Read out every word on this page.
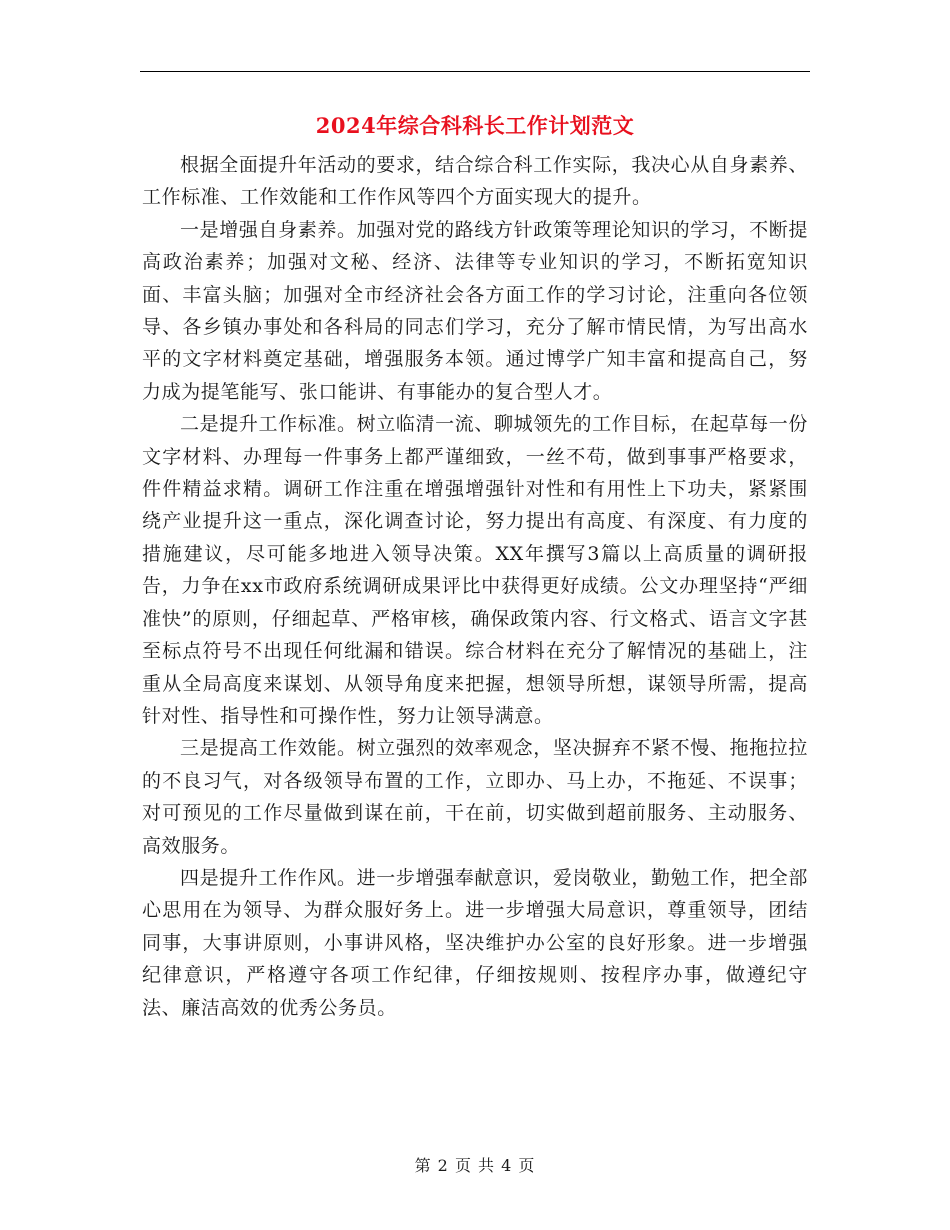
2024年综合科科长工作计划范文

根据全面提升年活动的要求，结合综合科工作实际，我决心从自身素养、工作标准、工作效能和工作作风等四个方面实现大的提升。

一是增强自身素养。加强对党的路线方针政策等理论知识的学习，不断提高政治素养；加强对文秘、经济、法律等专业知识的学习，不断拓宽知识面、丰富头脑；加强对全市经济社会各方面工作的学习讨论，注重向各位领导、各乡镇办事处和各科局的同志们学习，充分了解市情民情，为写出高水平的文字材料奠定基础，增强服务本领。通过博学广知丰富和提高自己，努力成为提笔能写、张口能讲、有事能办的复合型人才。

二是提升工作标准。树立临清一流、聊城领先的工作目标，在起草每一份文字材料、办理每一件事务上都严谨细致，一丝不苟，做到事事严格要求，件件精益求精。调研工作注重在增强增强针对性和有用性上下功夫，紧紧围绕产业提升这一重点，深化调查讨论，努力提出有高度、有深度、有力度的措施建议，尽可能多地进入领导决策。XX年撰写3篇以上高质量的调研报告，力争在xx市政府系统调研成果评比中获得更好成绩。公文办理坚持“严细准快”的原则，仔细起草、严格审核，确保政策内容、行文格式、语言文字甚至标点符号不出现任何纰漏和错误。综合材料在充分了解情况的基础上，注重从全局高度来谋划、从领导角度来把握，想领导所想，谋领导所需，提高针对性、指导性和可操作性，努力让领导满意。

三是提高工作效能。树立强烈的效率观念，坚决摒弃不紧不慢、拖拖拉拉的不良习气，对各级领导布置的工作，立即办、马上办，不拖延、不误事；对可预见的工作尽量做到谋在前，干在前，切实做到超前服务、主动服务、高效服务。

四是提升工作作风。进一步增强奉献意识，爱岗敬业，勤勉工作，把全部心思用在为领导、为群众服好务上。进一步增强大局意识，尊重领导，团结同事，大事讲原则，小事讲风格，坚决维护办公室的良好形象。进一步增强纪律意识，严格遵守各项工作纪律，仔细按规则、按程序办事，做遵纪守法、廉洁高效的优秀公务员。

第 2 页 共 4 页
